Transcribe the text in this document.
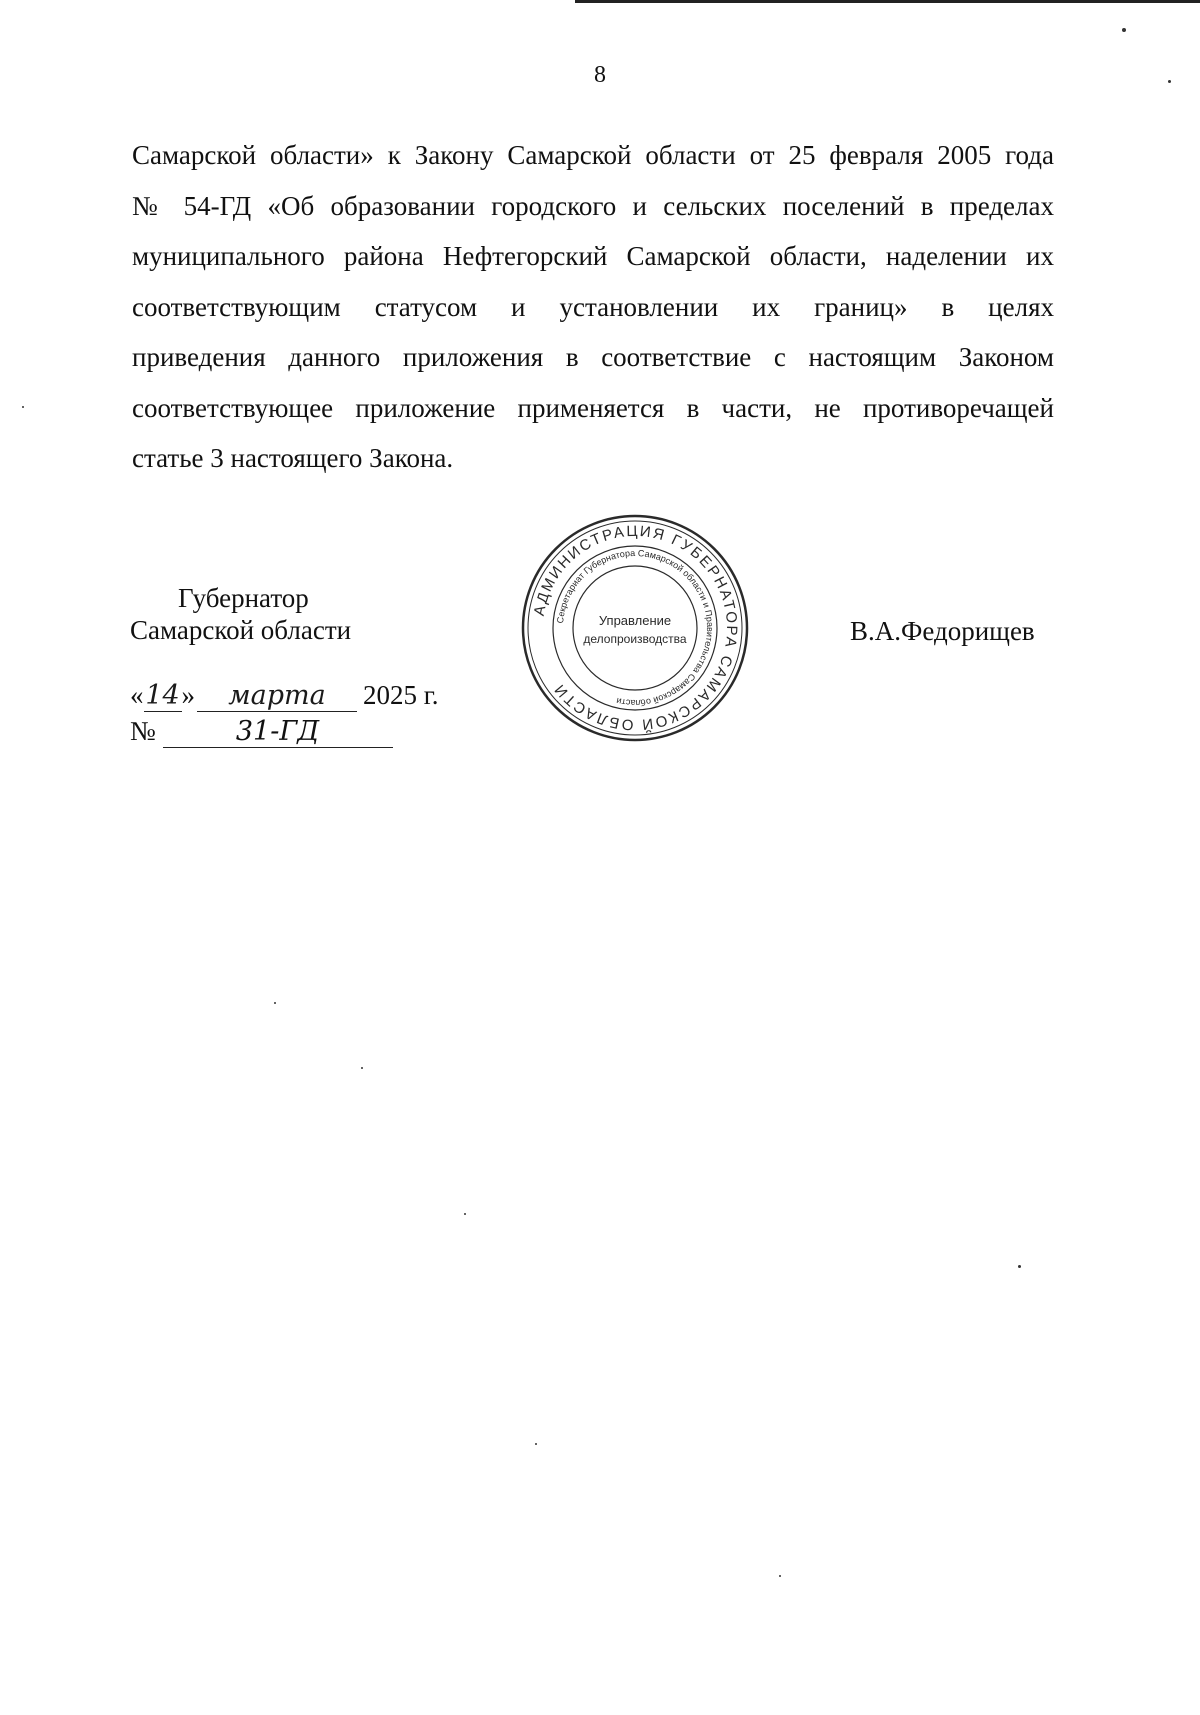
8
Самарской области» к Закону Самарской области от 25 февраля 2005 года
№ 54-ГД «Об образовании городского и сельских поселений в пределах
муниципального района Нефтегорский Самарской области, наделении их
соответствующим статусом и установлении их границ» в целях
приведения данного приложения в соответствие с настоящим Законом
соответствующее приложение применяется в части, не противоречащей
статье 3 настоящего Закона.
Губернатор
Самарской области	В.А.Федорищев
«14» марта 2025 г.
№	31-ГД
АДМИНИСТРАЦИЯ ГУБЕРНАТОРА САМАРСКОЙ ОБЛАСТИ
Секретариат Губернатора Самарской области и Правительства Самарской области
Управление
делопроизводства
